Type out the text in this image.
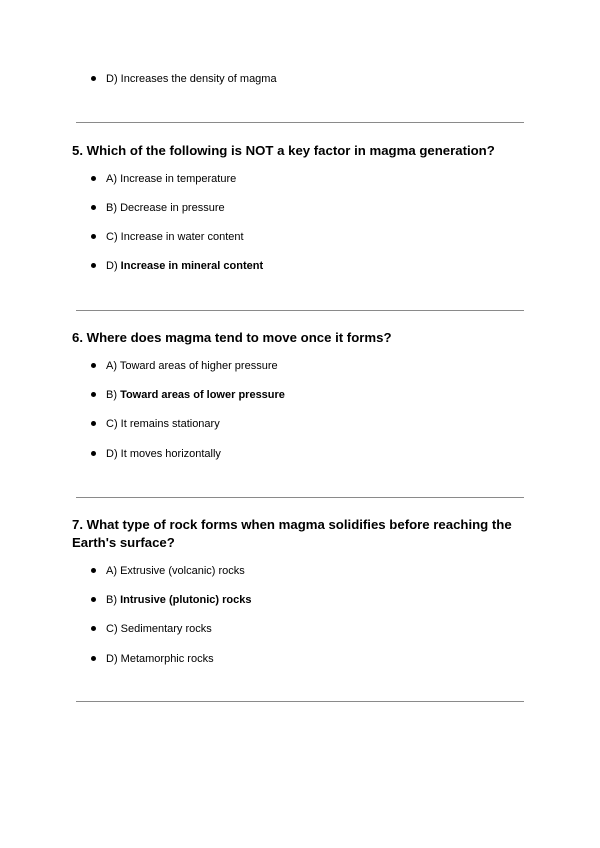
D) Increases the density of magma
5. Which of the following is NOT a key factor in magma generation?
A) Increase in temperature
B) Decrease in pressure
C) Increase in water content
D) Increase in mineral content
6. Where does magma tend to move once it forms?
A) Toward areas of higher pressure
B) Toward areas of lower pressure
C) It remains stationary
D) It moves horizontally
7. What type of rock forms when magma solidifies before reaching the Earth's surface?
A) Extrusive (volcanic) rocks
B) Intrusive (plutonic) rocks
C) Sedimentary rocks
D) Metamorphic rocks
